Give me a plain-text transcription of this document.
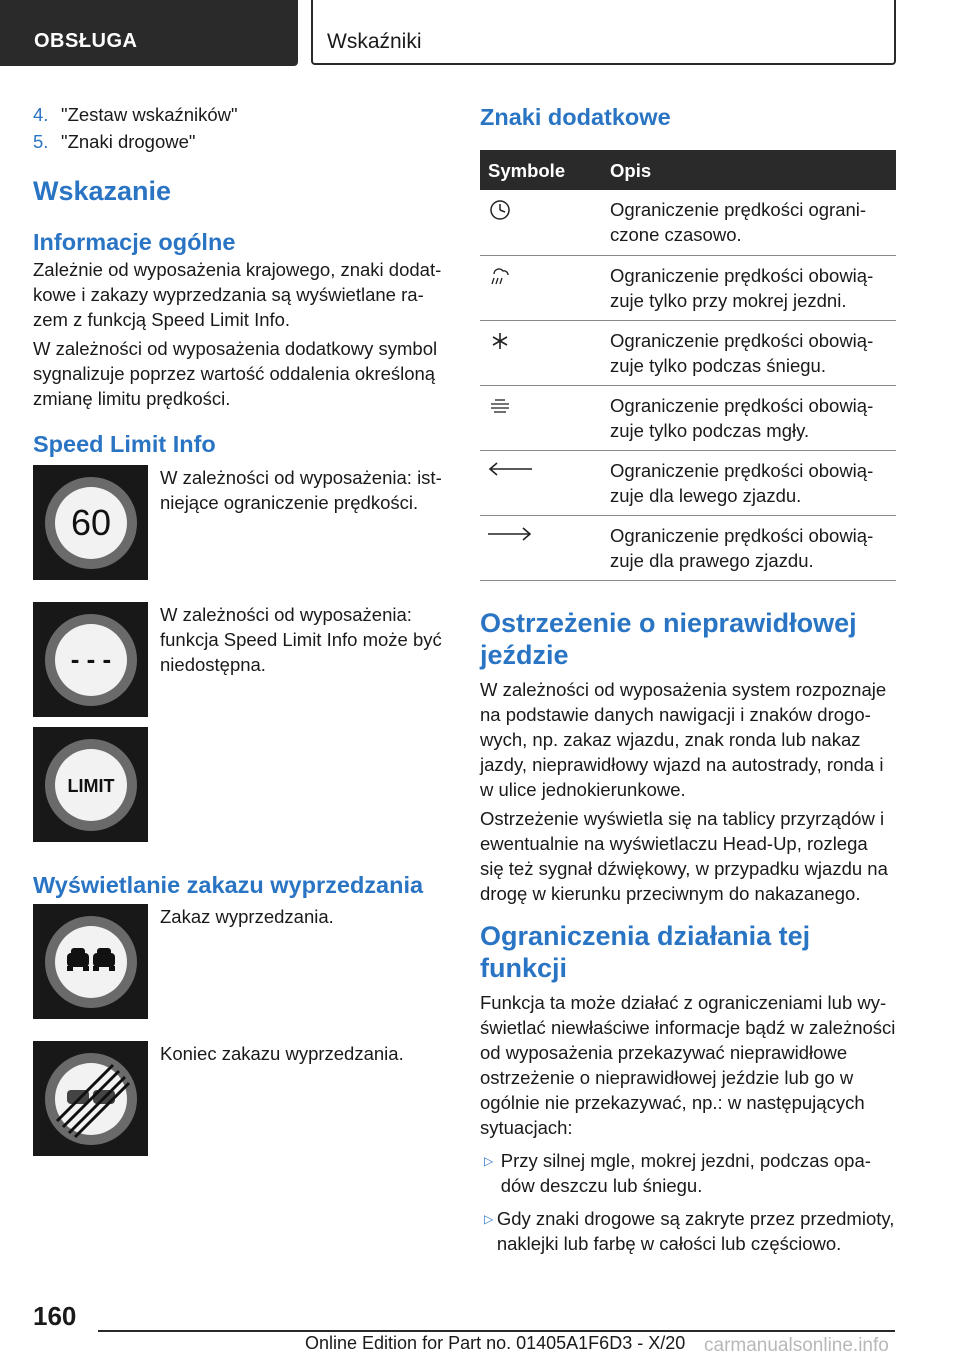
OBSŁUGA	Wskaźniki
4. "Zestaw wskaźników"
5. "Znaki drogowe"
Wskazanie
Informacje ogólne

Zależnie od wyposażenia krajowego, znaki dodatkowe i zakazy wyprzedzania są wyświetlane razem z funkcją Speed Limit Info.

W zależności od wyposażenia dodatkowy symbol sygnalizuje poprzez wartość oddalenia określoną zmianę limitu prędkości.

Speed Limit Info
60
W zależności od wyposażenia: istniejące ograniczenie prędkości.
- - -
W zależności od wyposażenia: funkcja Speed Limit Info może być niedostępna.
LIMIT
Wyświetlanie zakazu wyprzedzania
Zakaz wyprzedzania.
Koniec zakazu wyprzedzania.
Znaki dodatkowe
Symbole	Opis

	Ograniczenie prędkości ograniczone czasowo.

	Ograniczenie prędkości obowiązuje tylko przy mokrej jezdni.

	Ograniczenie prędkości obowiązuje tylko podczas śniegu.

	Ograniczenie prędkości obowiązuje tylko podczas mgły.

	Ograniczenie prędkości obowiązuje dla lewego zjazdu.

	Ograniczenie prędkości obowiązuje dla prawego zjazdu.
Ostrzeżenie o nieprawidłowej jeździe

W zależności od wyposażenia system rozpoznaje na podstawie danych nawigacji i znaków drogowych, np. zakaz wjazdu, znak ronda lub nakaz jazdy, nieprawidłowy wjazd na autostrady, ronda i w ulice jednokierunkowe.

Ostrzeżenie wyświetla się na tablicy przyrządów i ewentualnie na wyświetlaczu Head-Up, rozlega się też sygnał dźwiękowy, w przypadku wjazdu na drogę w kierunku przeciwnym do nakazanego.

Ograniczenia działania tej funkcji

Funkcja ta może działać z ograniczeniami lub wyświetlać niewłaściwe informacje bądź w zależności od wyposażenia przekazywać nieprawidłowe ostrzeżenie o nieprawidłowej jeździe lub go w ogólnie nie przekazywać, np.: w następujących sytuacjach:

▷ Przy silnej mgle, mokrej jezdni, podczas opadów deszczu lub śniegu.
▷ Gdy znaki drogowe są zakryte przez przedmioty, naklejki lub farbę w całości lub częściowo.
160
Online Edition for Part no. 01405A1F6D3 - X/20 carmanualsonline.info
